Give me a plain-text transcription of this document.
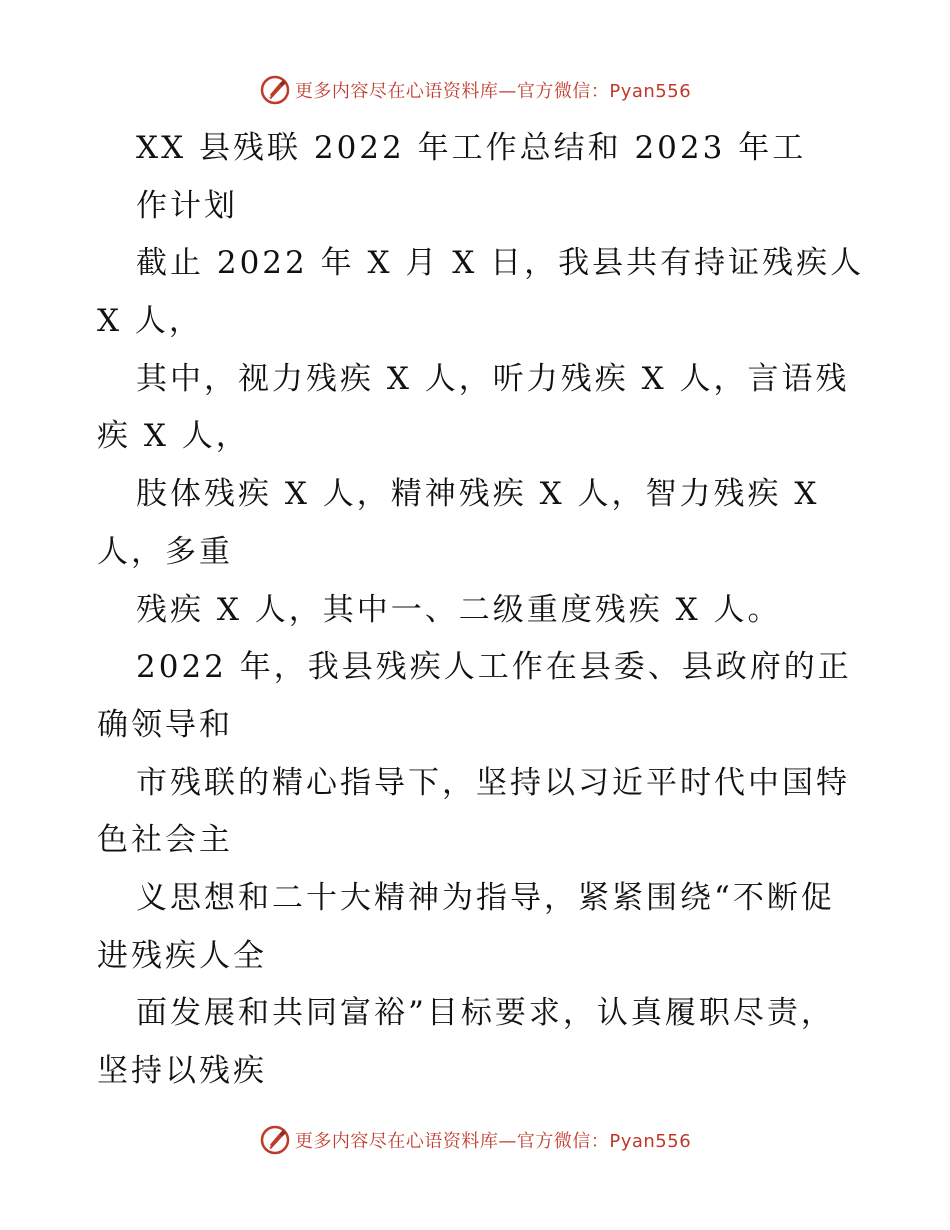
更多内容尽在心语资料库—官方微信：Pyan556
XX 县残联 2022 年工作总结和 2023 年工
作计划
截止 2022 年 X 月 X 日，我县共有持证残疾人
X 人，
其中，视力残疾 X 人，听力残疾 X 人，言语残
疾 X 人，
肢体残疾 X 人，精神残疾 X 人，智力残疾 X
人，多重
残疾 X 人，其中一、二级重度残疾 X 人。
2022 年，我县残疾人工作在县委、县政府的正
确领导和
市残联的精心指导下，坚持以习近平时代中国特
色社会主
义思想和二十大精神为指导，紧紧围绕“不断促
进残疾人全
面发展和共同富裕”目标要求，认真履职尽责，
坚持以残疾
更多内容尽在心语资料库—官方微信：Pyan556
